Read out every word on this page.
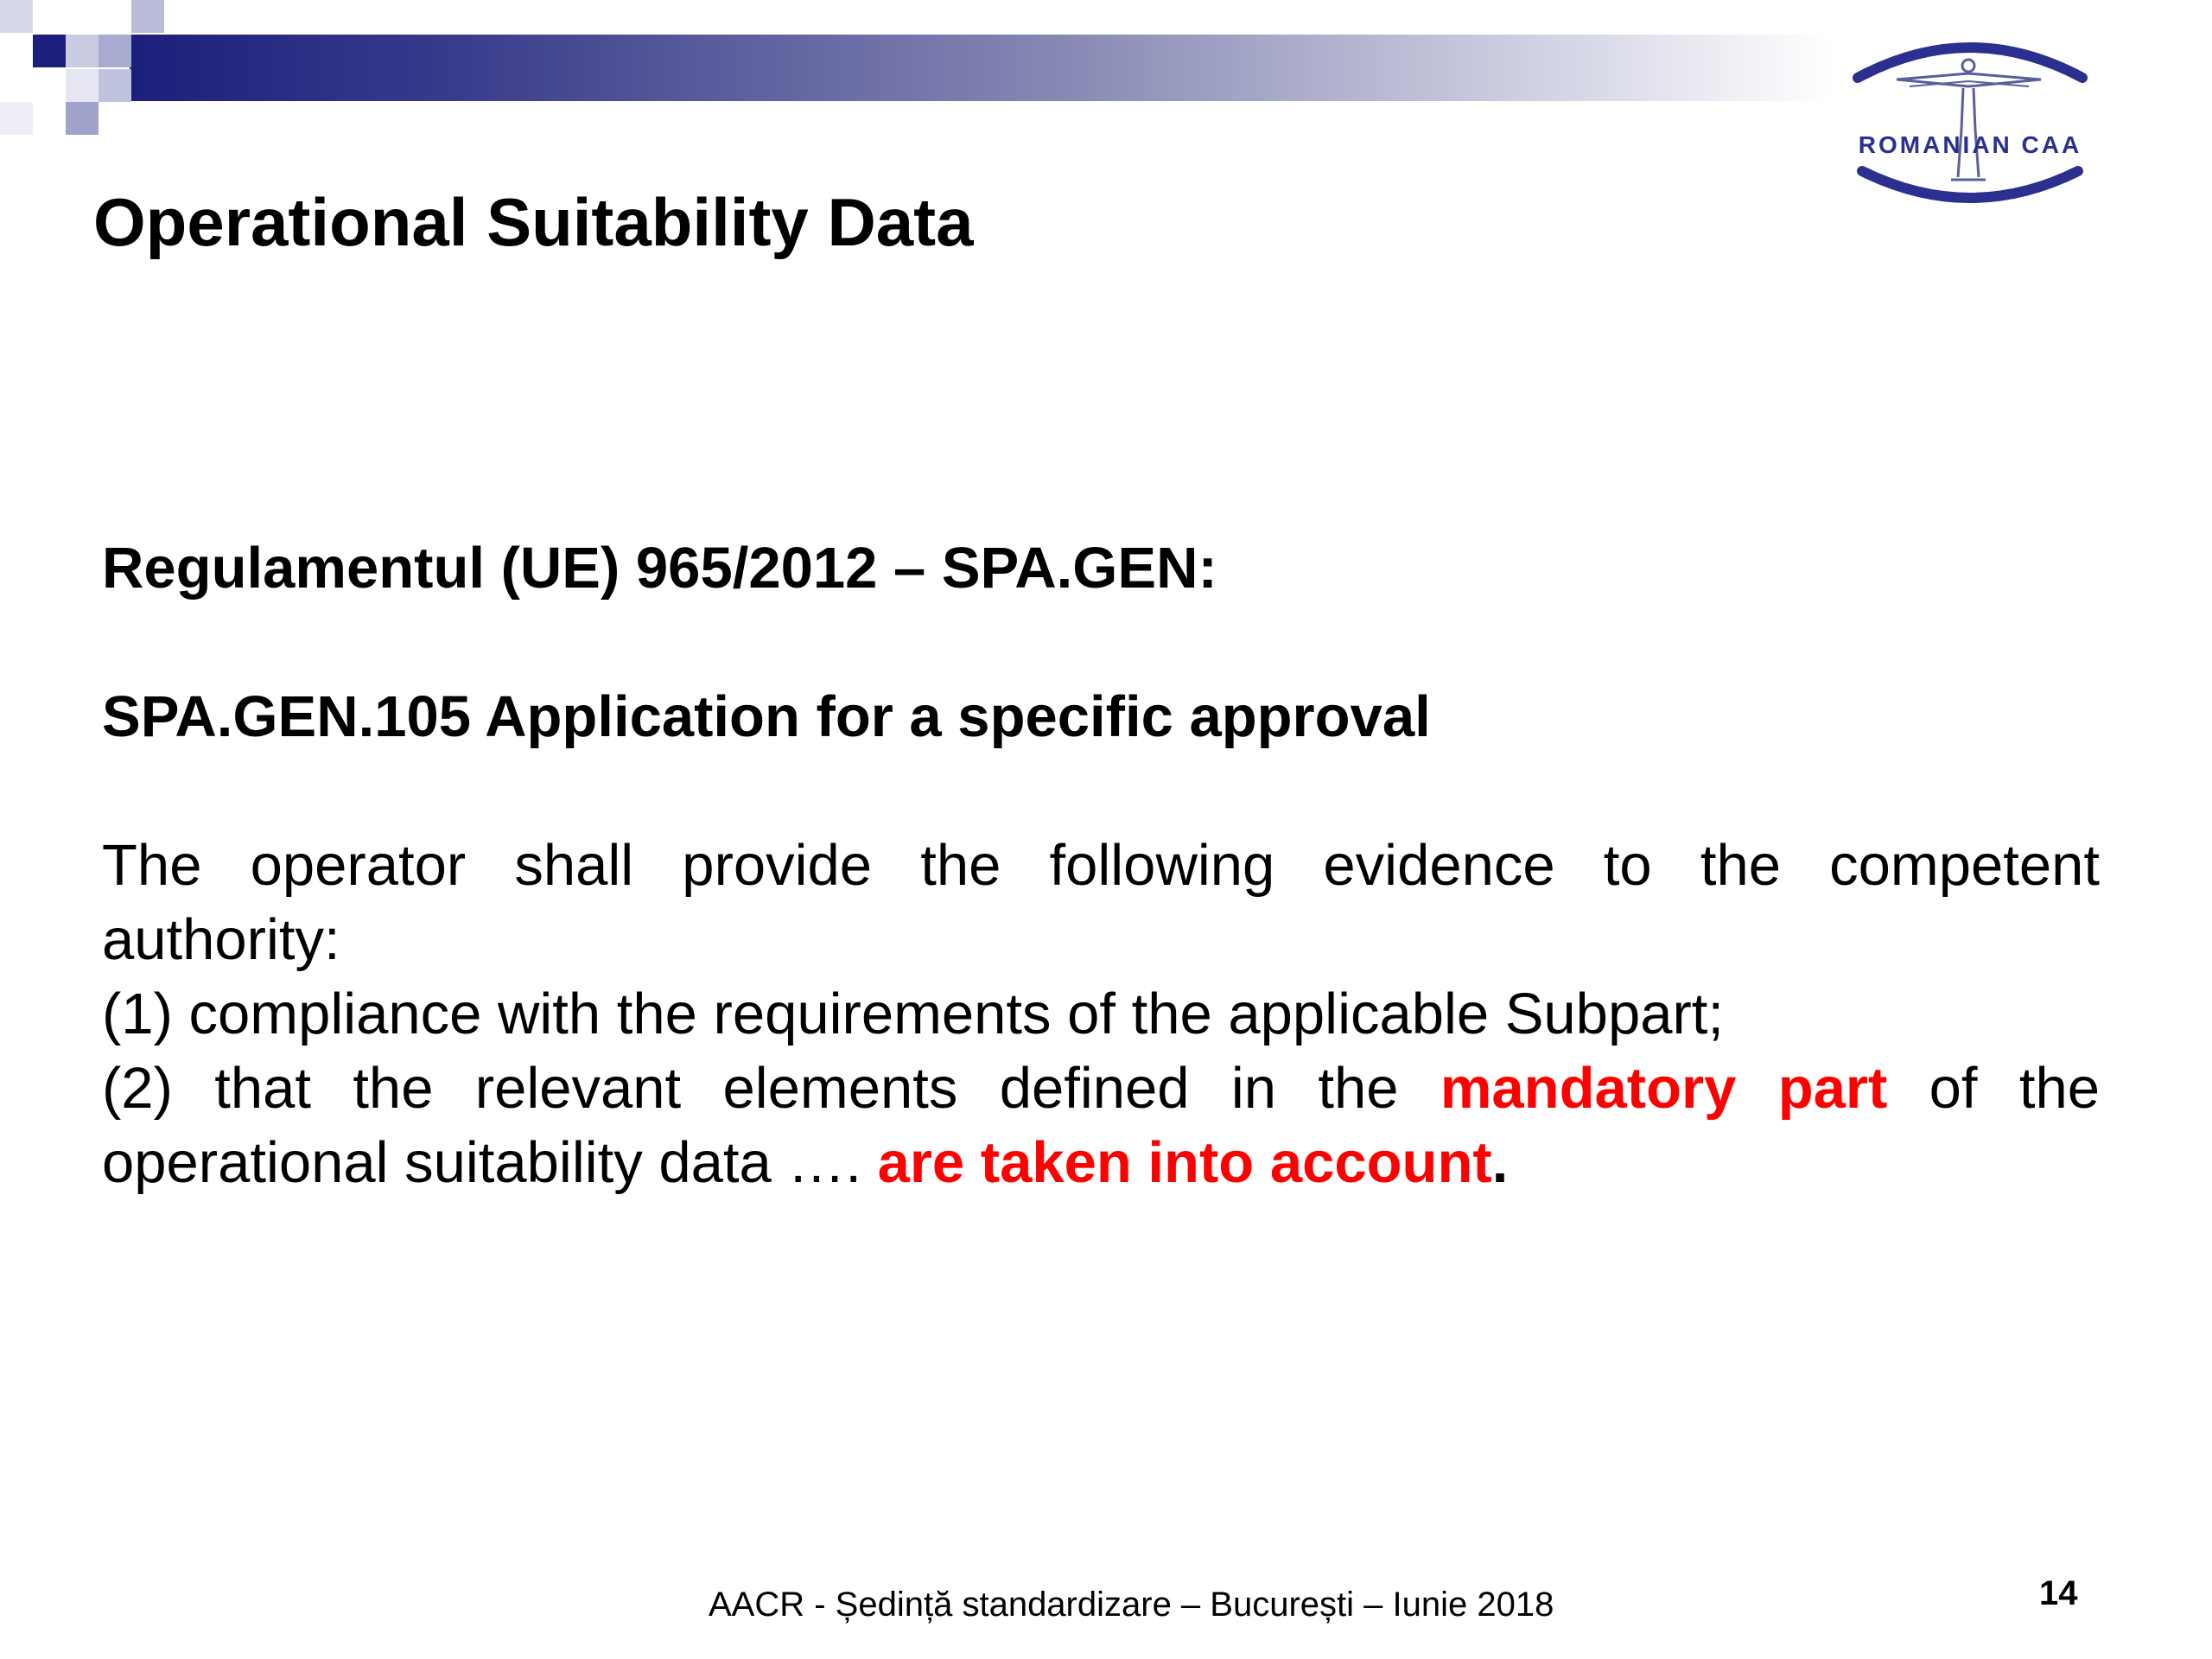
ROMANIAN CAA
Operational Suitability Data

Regulamentul (UE) 965/2012 – SPA.GEN:

SPA.GEN.105 Application for a specific approval

The operator shall provide the following evidence to the competent

authority:

(1) compliance with the requirements of the applicable Subpart;

(2) that the relevant elements defined in the mandatory part of the

operational suitability data …. are taken into account.

AACR - Ședință standardizare – București – Iunie 2018	14
